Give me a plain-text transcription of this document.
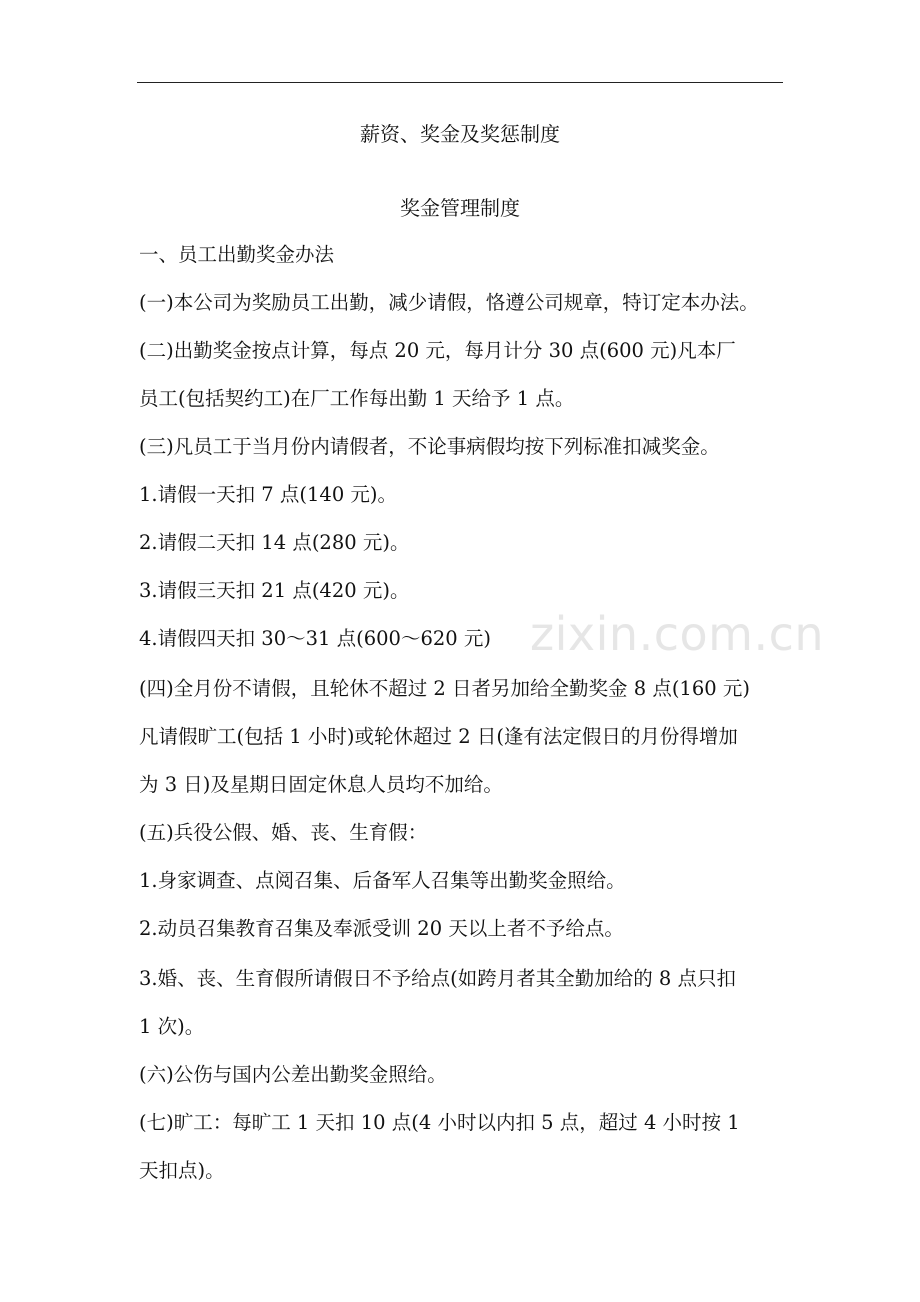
zixin.com.cn
薪资、奖金及奖惩制度
奖金管理制度
一、员工出勤奖金办法
(一)本公司为奖励员工出勤，减少请假，恪遵公司规章，特订定本办法。
(二)出勤奖金按点计算，每点 20 元，每月计分 30 点(600 元)凡本厂
员工(包括契约工)在厂工作每出勤 1 天给予 1 点。
(三)凡员工于当月份内请假者，不论事病假均按下列标准扣减奖金。
1.请假一天扣 7 点(140 元)。
2.请假二天扣 14 点(280 元)。
3.请假三天扣 21 点(420 元)。
4.请假四天扣 30～31 点(600～620 元)
(四)全月份不请假，且轮休不超过 2 日者另加给全勤奖金 8 点(160 元)
凡请假旷工(包括 1 小时)或轮休超过 2 日(逢有法定假日的月份得增加
为 3 日)及星期日固定休息人员均不加给。
(五)兵役公假、婚、丧、生育假：
1.身家调查、点阅召集、后备军人召集等出勤奖金照给。
2.动员召集教育召集及奉派受训 20 天以上者不予给点。
3.婚、丧、生育假所请假日不予给点(如跨月者其全勤加给的 8 点只扣
1 次)。
(六)公伤与国内公差出勤奖金照给。
(七)旷工：每旷工 1 天扣 10 点(4 小时以内扣 5 点，超过 4 小时按 1
天扣点)。
